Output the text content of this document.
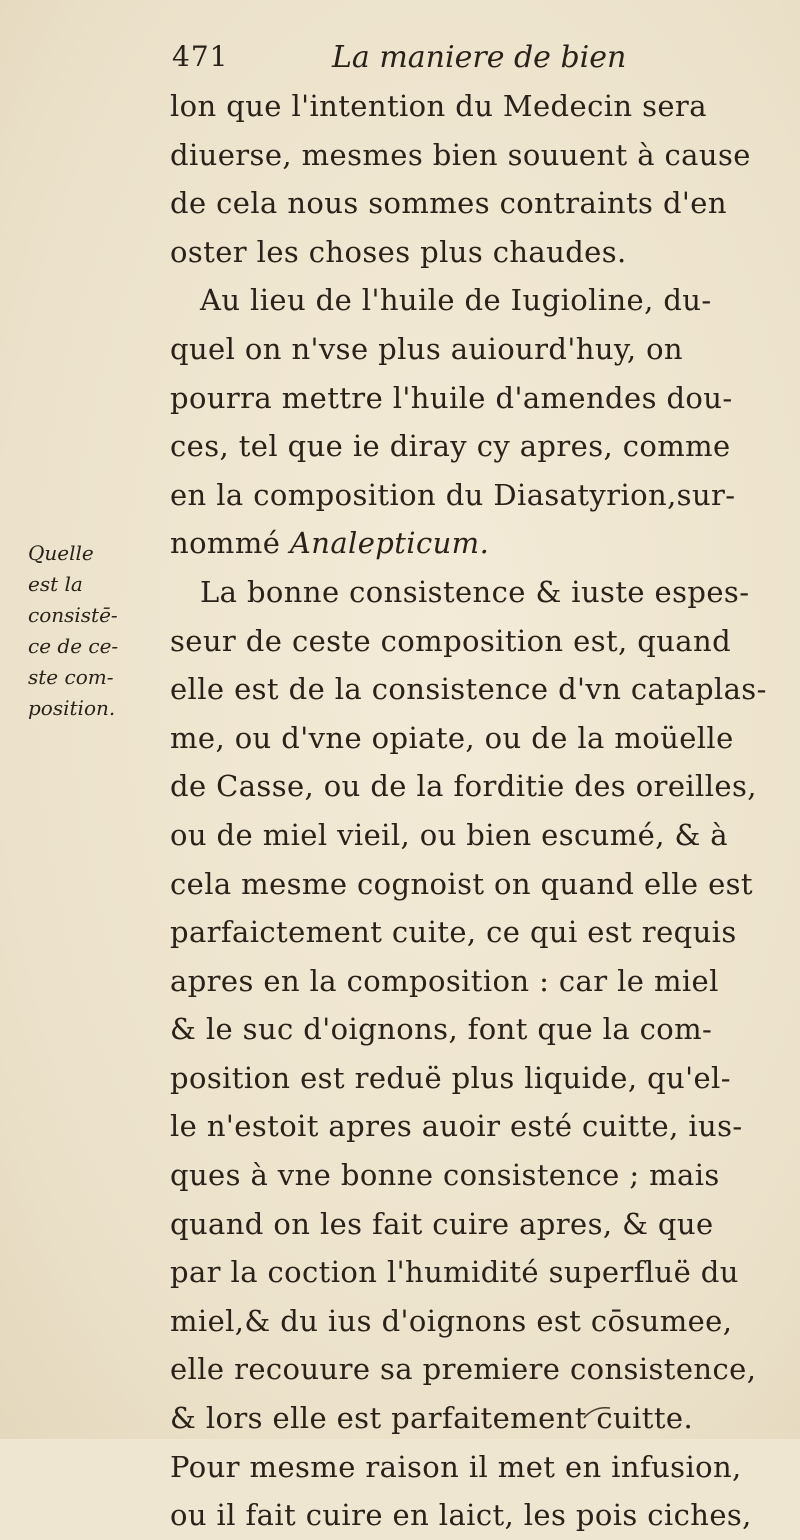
471	La maniere de bien
Quelle
est la
consistē-
ce de ce-
ste com-
position.
lon que l'intention du Medecin sera
diuerse, mesmes bien souuent à cause
de cela nous sommes contraints d'en
oster les choses plus chaudes.
Au lieu de l'huile de Iugioline, du-
quel on n'vse plus auiourd'huy, on
pourra mettre l'huile d'amendes dou-
ces, tel que ie diray cy apres, comme
en la composition du Diasatyrion,sur-
nommé Analepticum.
La bonne consistence & iuste espes-
seur de ceste composition est, quand
elle est de la consistence d'vn cataplas-
me, ou d'vne opiate, ou de la moüelle
de Casse, ou de la forditie des oreilles,
ou de miel vieil, ou bien escumé, & à
cela mesme cognoist on quand elle est
parfaictement cuite, ce qui est requis
apres en la composition : car le miel
& le suc d'oignons, font que la com-
position est reduë plus liquide, qu'el-
le n'estoit apres auoir esté cuitte, ius-
ques à vne bonne consistence ; mais
quand on les fait cuire apres, & que
par la coction l'humidité superfluë du
miel,& du ius d'oignons est cōsumee,
elle recouure sa premiere consistence,
& lors elle est parfaitement cuitte.
Pour mesme raison il met en infusion,
ou il fait cuire en laict, les pois ciches,
